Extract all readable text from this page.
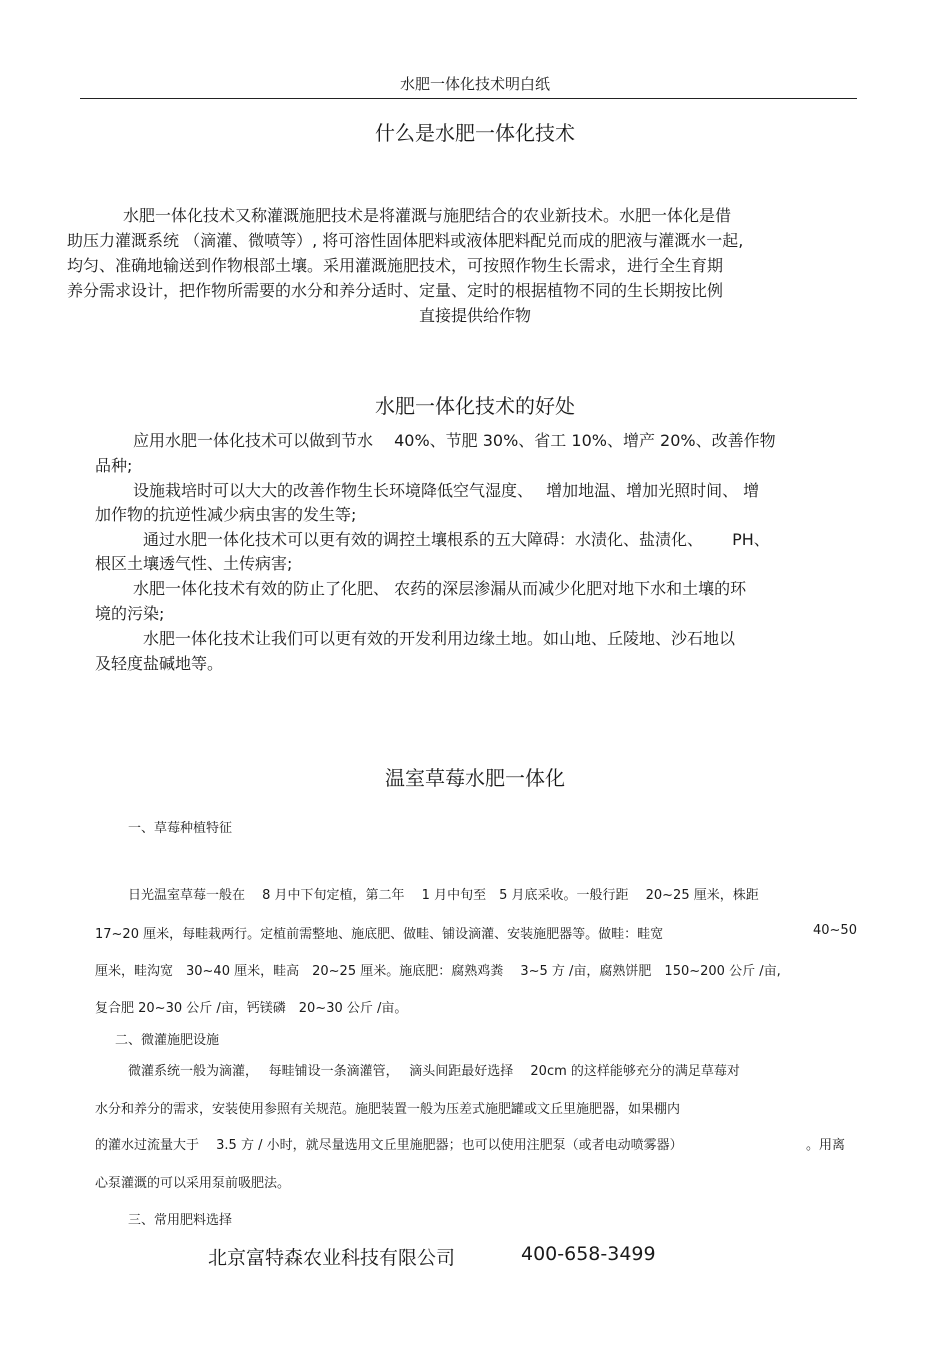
水肥一体化技术明白纸
什么是水肥一体化技术
水肥一体化技术又称灌溉施肥技术是将灌溉与施肥结合的农业新技术。水肥一体化是借
助压力灌溉系统 （滴灌、微喷等）, 将可溶性固体肥料或液体肥料配兑而成的肥液与灌溉水一起,
均匀、准确地输送到作物根部土壤。采用灌溉施肥技术，可按照作物生长需求，进行全生育期
养分需求设计，把作物所需要的水分和养分适时、定量、定时的根据植物不同的生长期按比例
直接提供给作物
水肥一体化技术的好处
应用水肥一体化技术可以做到节水　 40%、节肥 30%、省工 10%、增产 20%、改善作物
品种;
设施栽培时可以大大的改善作物生长环境降低空气湿度、　 增加地温、增加光照时间、 增
加作物的抗逆性减少病虫害的发生等;
通过水肥一体化技术可以更有效的调控土壤根系的五大障碍：水渍化、盐渍化、　　 PH、
根区土壤透气性、土传病害;
水肥一体化技术有效的防止了化肥、 农药的深层渗漏从而减少化肥对地下水和土壤的环
境的污染;
水肥一体化技术让我们可以更有效的开发利用边缘土地。如山地、丘陵地、沙石地以
及轻度盐碱地等。
温室草莓水肥一体化
一、草莓种植特征
日光温室草莓一般在　 8 月中下旬定植，第二年　 1 月中旬至　5 月底采收。一般行距　 20~25 厘米，株距
17~20 厘米，每畦栽两行。定植前需整地、施底肥、做畦、铺设滴灌、安装施肥器等。做畦：畦宽	40~50
厘米，畦沟宽　30~40 厘米，畦高　20~25 厘米。施底肥：腐熟鸡粪　 3~5 方 /亩，腐熟饼肥　150~200 公斤 /亩,
复合肥 20~30 公斤 /亩，钙镁磷　20~30 公斤 /亩。
二、微灌施肥设施
微灌系统一般为滴灌，　 每畦铺设一条滴灌管，　 滴头间距最好选择　 20cm 的这样能够充分的满足草莓对
水分和养分的需求，安装使用参照有关规范。施肥装置一般为压差式施肥罐或文丘里施肥器，如果棚内
的灌水过流量大于　 3.5 方 / 小时，就尽量选用文丘里施肥器；也可以使用注肥泵（或者电动喷雾器）	。用离
心泵灌溉的可以采用泵前吸肥法。
三、常用肥料选择
北京富特森农业科技有限公司	400-658-3499
